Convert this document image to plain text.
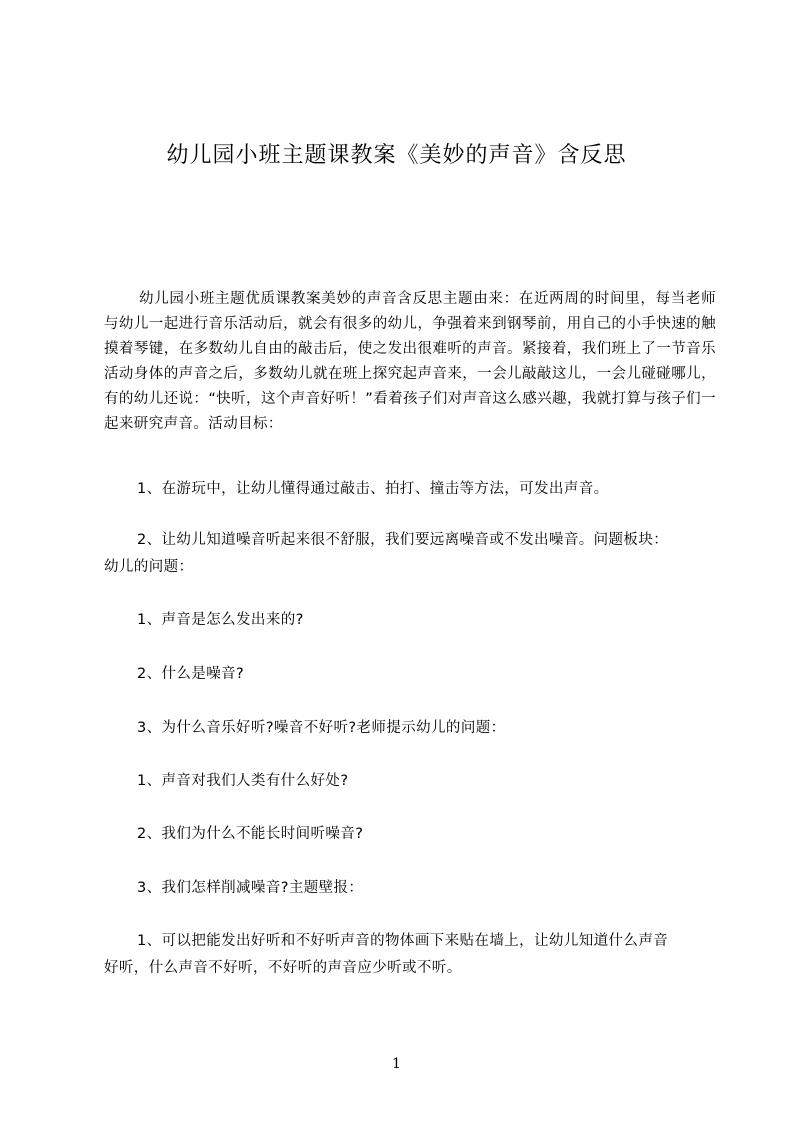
幼儿园小班主题课教案《美妙的声音》含反思
幼儿园小班主题优质课教案美妙的声音含反思主题由来：在近两周的时间里，每当老师与幼儿一起进行音乐活动后，就会有很多的幼儿，争强着来到钢琴前，用自己的小手快速的触摸着琴键，在多数幼儿自由的敲击后，使之发出很难听的声音。紧接着，我们班上了一节音乐活动身体的声音之后，多数幼儿就在班上探究起声音来，一会儿敲敲这儿，一会儿碰碰哪儿，有的幼儿还说：“快听，这个声音好听！”看着孩子们对声音这么感兴趣，我就打算与孩子们一起来研究声音。活动目标：
1、在游玩中，让幼儿懂得通过敲击、拍打、撞击等方法，可发出声音。
2、让幼儿知道噪音听起来很不舒服，我们要远离噪音或不发出噪音。问题板块：
幼儿的问题：
1、声音是怎么发出来的?
2、什么是噪音?
3、为什么音乐好听?噪音不好听?老师提示幼儿的问题：
1、声音对我们人类有什么好处?
2、我们为什么不能长时间听噪音?
3、我们怎样削减噪音?主题壁报：
1、可以把能发出好听和不好听声音的物体画下来贴在墙上，让幼儿知道什么声音
好听，什么声音不好听，不好听的声音应少听或不听。
1
